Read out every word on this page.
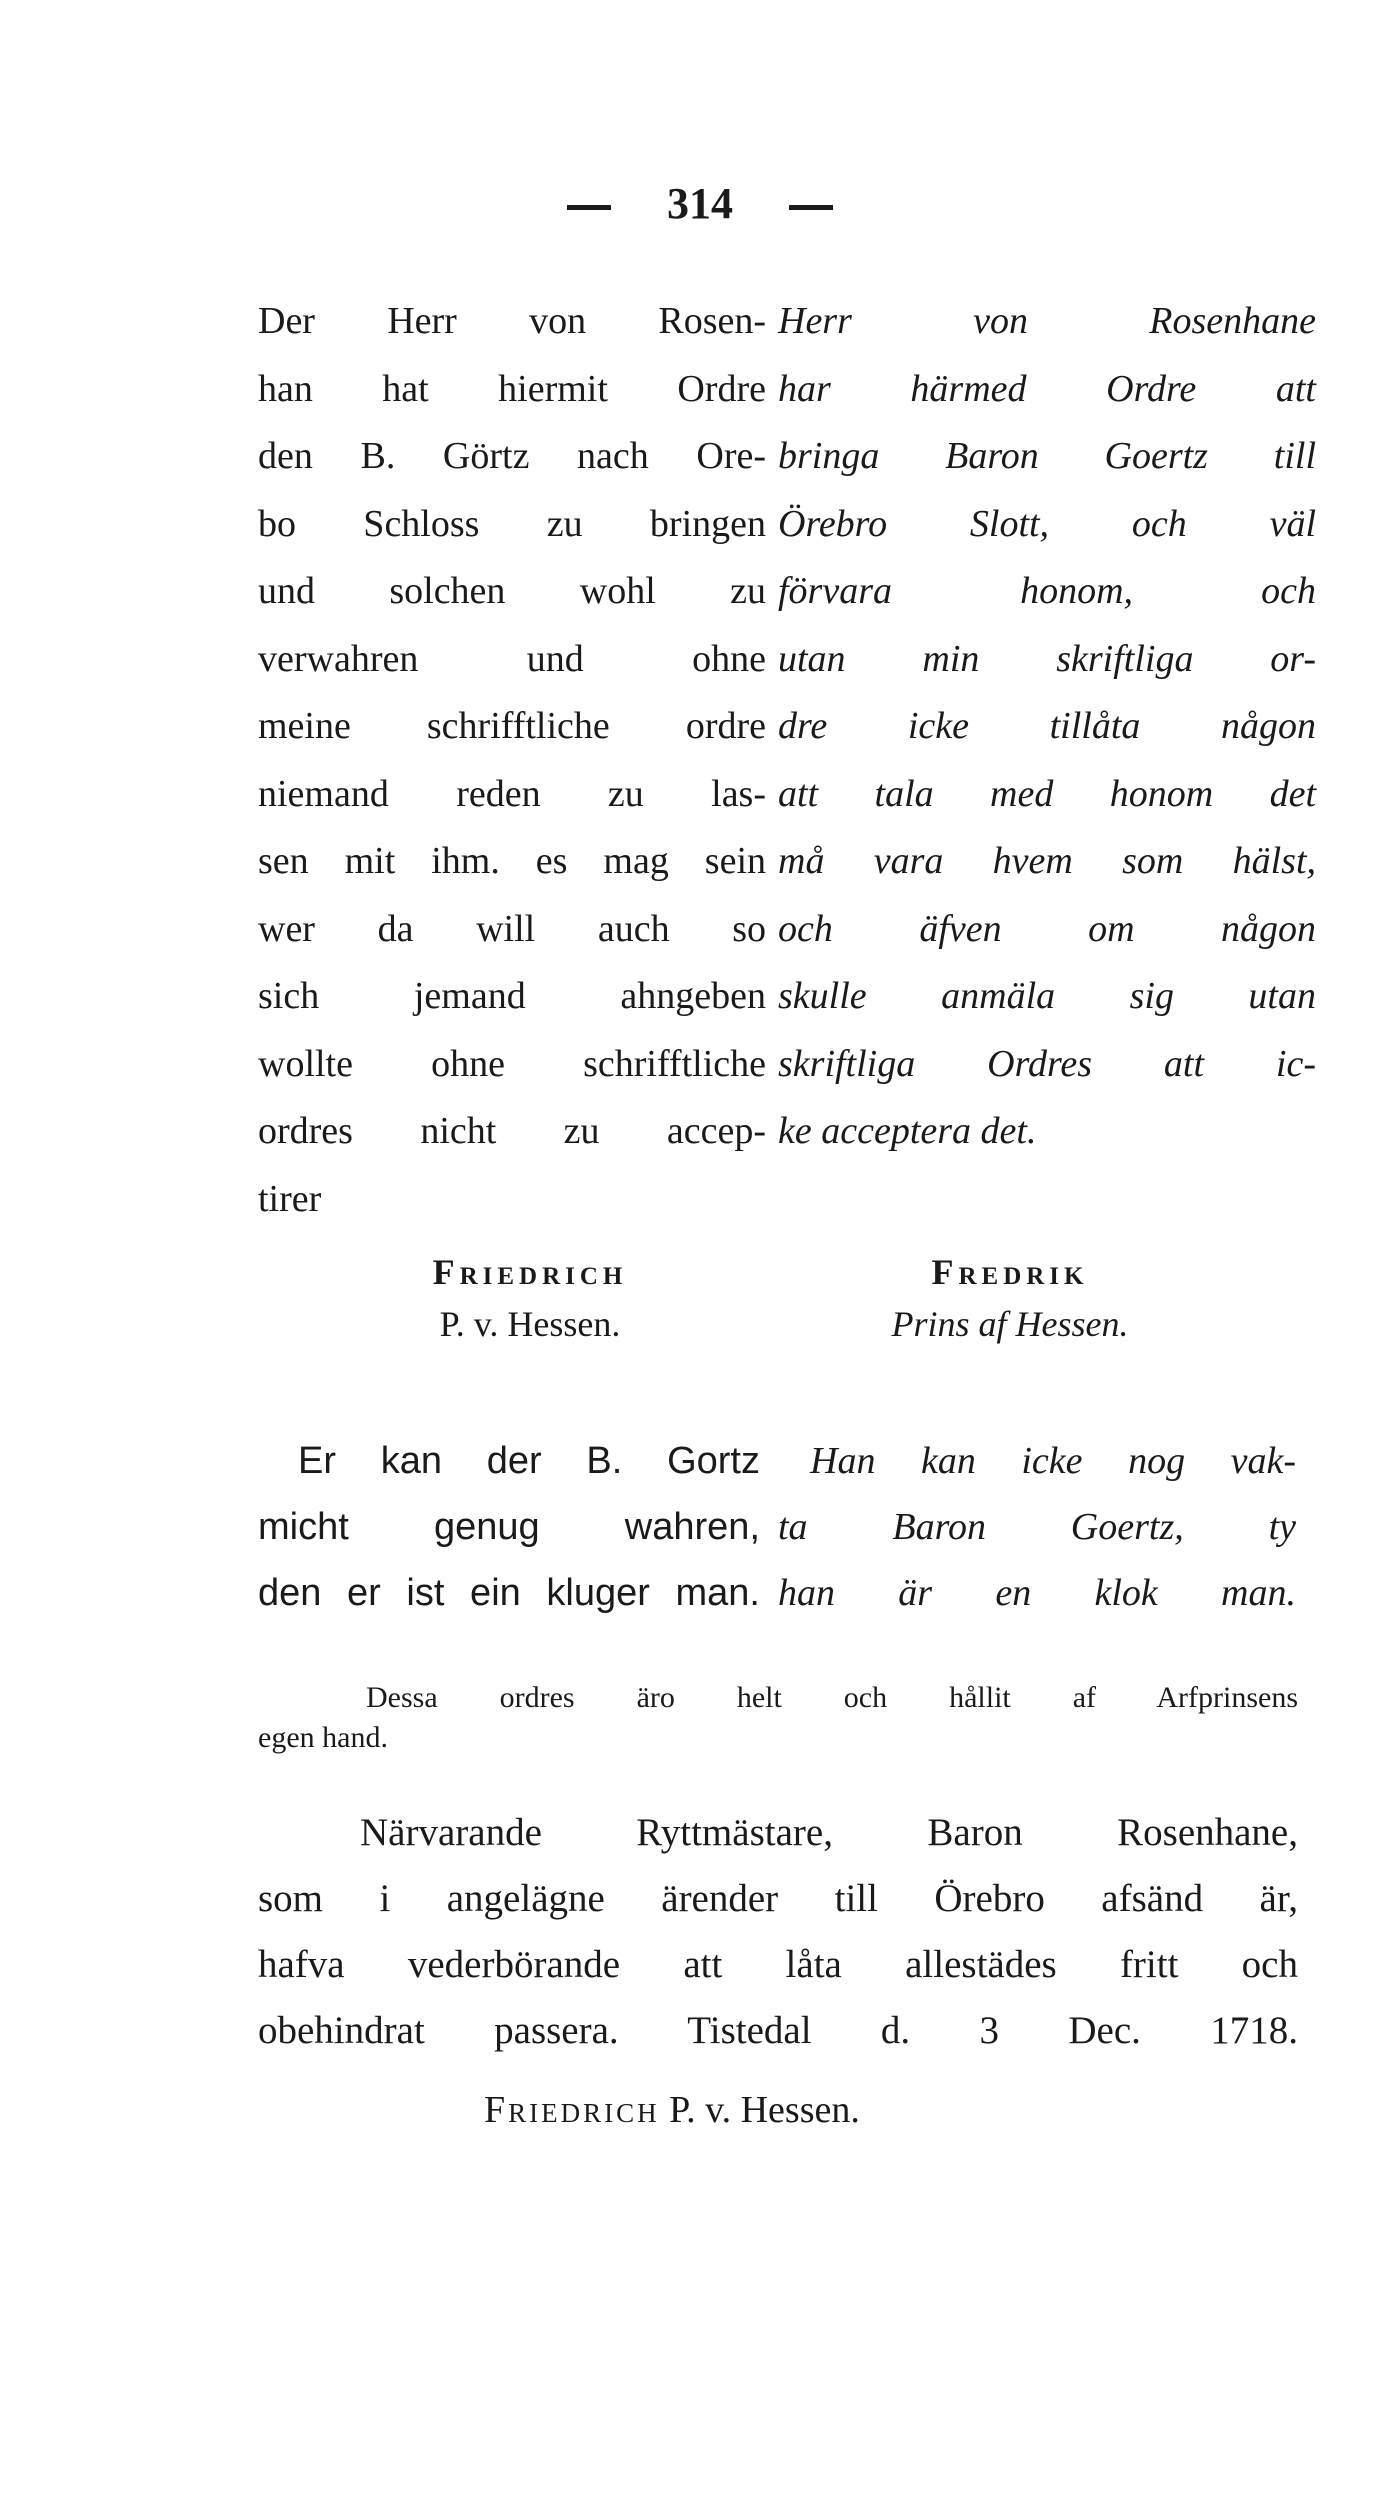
314
Der Herr von Rosen-
han hat hiermit Ordre
den B. Görtz nach Ore-
bo Schloss zu bringen
und solchen wohl zu
verwahren und ohne
meine schrifftliche ordre
niemand reden zu las-
sen mit ihm. es mag sein
wer da will auch so
sich jemand ahngeben
wollte ohne schrifftliche
ordres nicht zu accep-
tirer
Herr von Rosenhane
har härmed Ordre att
bringa Baron Goertz till
Örebro Slott, och väl
förvara honom, och
utan min skriftliga or-
dre icke tillåta någon
att tala med honom det
må vara hvem som hälst,
och äfven om någon
skulle anmäla sig utan
skriftliga Ordres att ic-
ke acceptera det.
Friedrich
P. v. Hessen.
Fredrik
Prins af Hessen.
Er kan der B. Gortz
micht genug wahren,
den er ist ein kluger man.
Han kan icke nog vak-
ta Baron Goertz, ty
han är en klok man.
Dessa ordres äro helt och hållit af Arfprinsens
egen hand.
Närvarande Ryttmästare, Baron Rosenhane,
som i angelägne ärender till Örebro afsänd är,
hafva vederbörande att låta allestädes fritt och
obehindrat passera. Tistedal d. 3 Dec. 1718.
Friedrich P. v. Hessen.
